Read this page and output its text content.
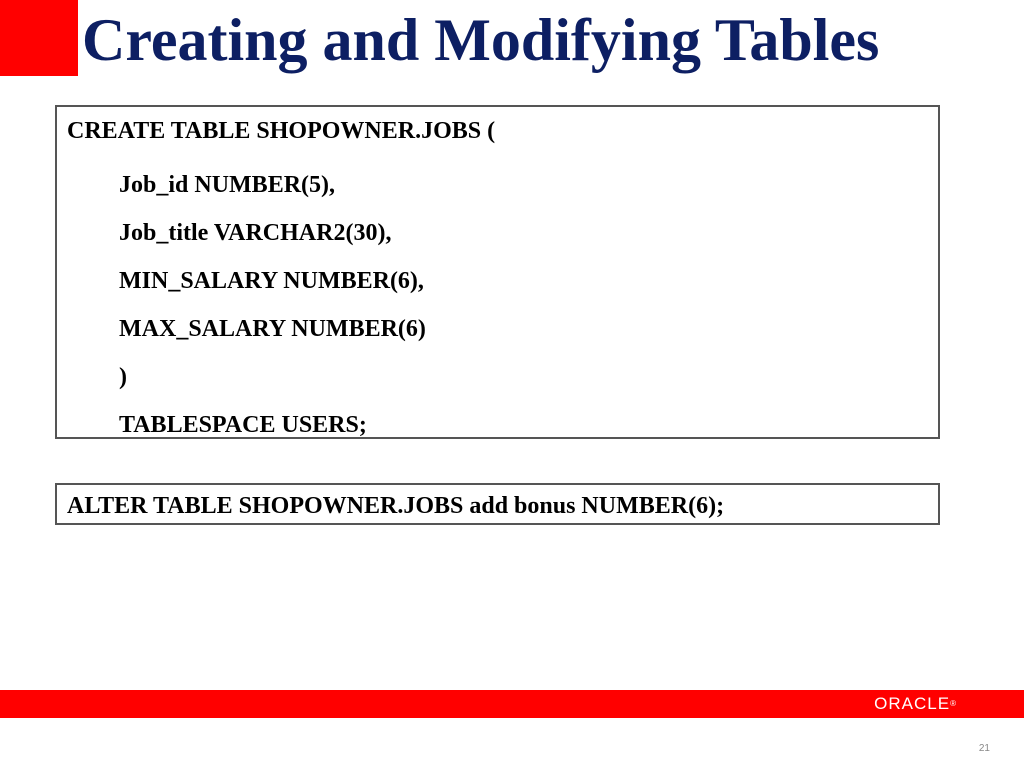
Creating and Modifying Tables
CREATE TABLE SHOPOWNER.JOBS (
Job_id NUMBER(5),
Job_title VARCHAR2(30),
MIN_SALARY NUMBER(6),
MAX_SALARY NUMBER(6)
)
TABLESPACE USERS;
ALTER TABLE SHOPOWNER.JOBS add bonus NUMBER(6);
ORACLE®
21
